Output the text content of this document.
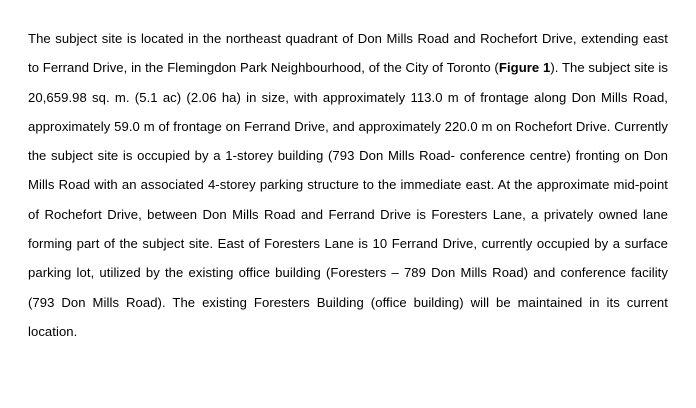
The subject site is located in the northeast quadrant of Don Mills Road and Rochefort Drive, extending east to Ferrand Drive, in the Flemingdon Park Neighbourhood, of the City of Toronto (Figure 1). The subject site is 20,659.98 sq. m. (5.1 ac) (2.06 ha) in size, with approximately 113.0 m of frontage along Don Mills Road, approximately 59.0 m of frontage on Ferrand Drive, and approximately 220.0 m on Rochefort Drive. Currently the subject site is occupied by a 1-storey building (793 Don Mills Road- conference centre) fronting on Don Mills Road with an associated 4-storey parking structure to the immediate east. At the approximate mid-point of Rochefort Drive, between Don Mills Road and Ferrand Drive is Foresters Lane, a privately owned lane forming part of the subject site. East of Foresters Lane is 10 Ferrand Drive, currently occupied by a surface parking lot, utilized by the existing office building (Foresters – 789 Don Mills Road) and conference facility (793 Don Mills Road). The existing Foresters Building (office building) will be maintained in its current location.
